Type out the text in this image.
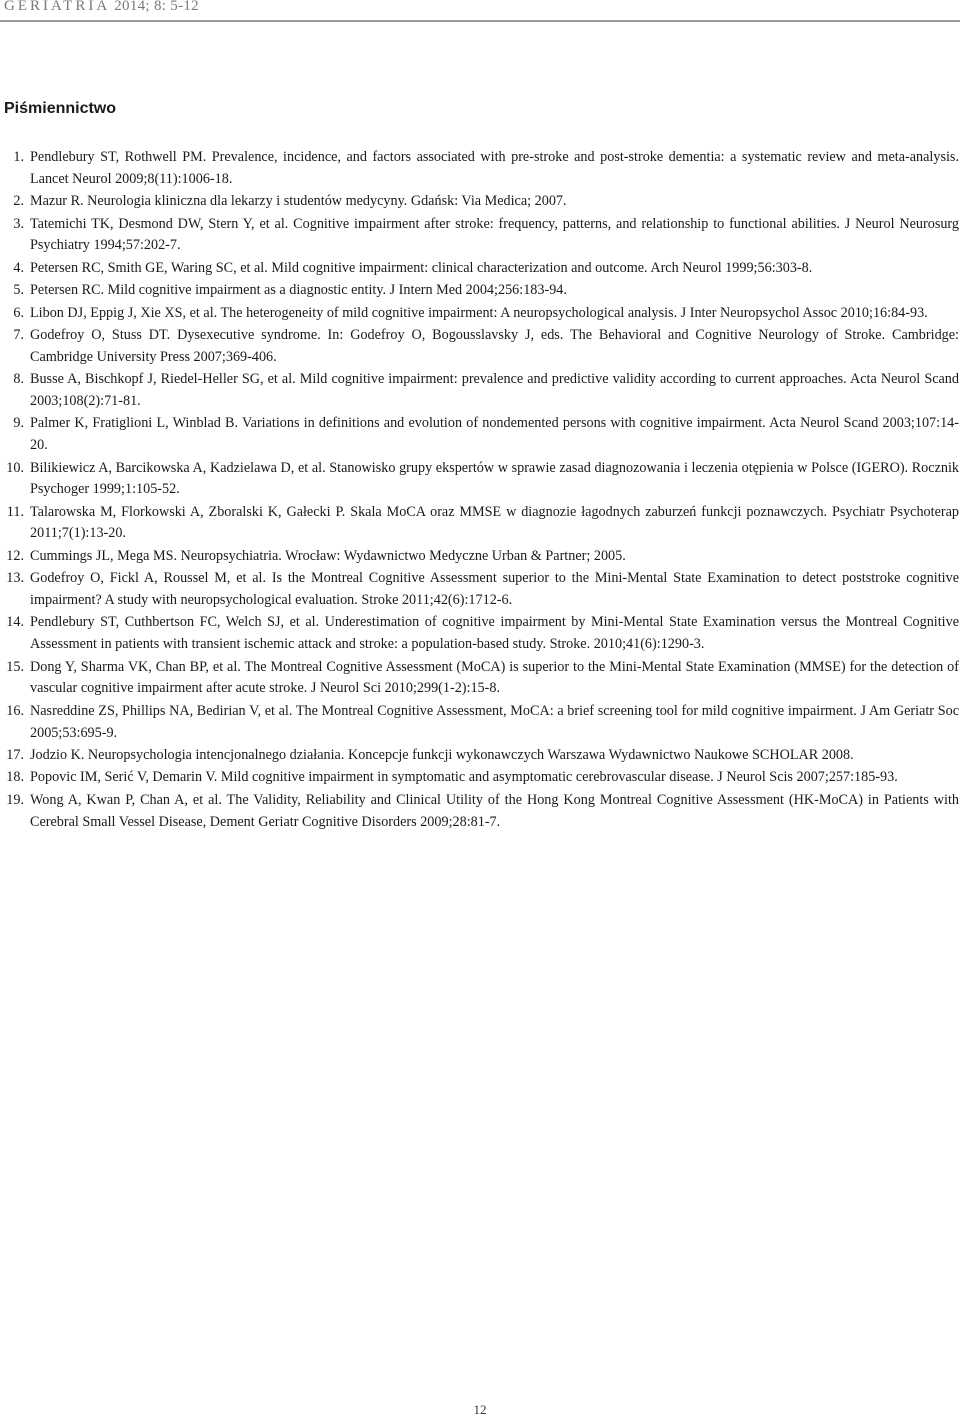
GERIATRIA 2014; 8: 5-12
Piśmiennictwo
1. Pendlebury ST, Rothwell PM. Prevalence, incidence, and factors associated with pre-stroke and post-stroke dementia: a systematic review and meta-analysis. Lancet Neurol 2009;8(11):1006-18.
2. Mazur R. Neurologia kliniczna dla lekarzy i studentów medycyny. Gdańsk: Via Medica; 2007.
3. Tatemichi TK, Desmond DW, Stern Y, et al. Cognitive impairment after stroke: frequency, patterns, and relationship to functional abilities. J Neurol Neurosurg Psychiatry 1994;57:202-7.
4. Petersen RC, Smith GE, Waring SC, et al. Mild cognitive impairment: clinical characterization and outcome. Arch Neurol 1999;56:303-8.
5. Petersen RC. Mild cognitive impairment as a diagnostic entity. J Intern Med 2004;256:183-94.
6. Libon DJ, Eppig J, Xie XS, et al. The heterogeneity of mild cognitive impairment: A neuropsychological analysis. J Inter Neuropsychol Assoc 2010;16:84-93.
7. Godefroy O, Stuss DT. Dysexecutive syndrome. In: Godefroy O, Bogousslavsky J, eds. The Behavioral and Cognitive Neurology of Stroke. Cambridge: Cambridge University Press 2007;369-406.
8. Busse A, Bischkopf J, Riedel-Heller SG, et al. Mild cognitive impairment: prevalence and predictive validity according to current approaches. Acta Neurol Scand 2003;108(2):71-81.
9. Palmer K, Fratiglioni L, Winblad B. Variations in definitions and evolution of nondemented persons with cognitive impairment. Acta Neurol Scand 2003;107:14-20.
10. Bilikiewicz A, Barcikowska A, Kadzielawa D, et al. Stanowisko grupy ekspertów w sprawie zasad diagnozowania i leczenia otępienia w Polsce (IGERO). Rocznik Psychoger 1999;1:105-52.
11. Talarowska M, Florkowski A, Zboralski K, Gałecki P. Skala MoCA oraz MMSE w diagnozie łagodnych zaburzeń funkcji poznawczych. Psychiatr Psychoterap 2011;7(1):13-20.
12. Cummings JL, Mega MS. Neuropsychiatria. Wrocław: Wydawnictwo Medyczne Urban & Partner; 2005.
13. Godefroy O, Fickl A, Roussel M, et al. Is the Montreal Cognitive Assessment superior to the Mini-Mental State Examination to detect poststroke cognitive impairment? A study with neuropsychological evaluation. Stroke 2011;42(6):1712-6.
14. Pendlebury ST, Cuthbertson FC, Welch SJ, et al. Underestimation of cognitive impairment by Mini-Mental State Examination versus the Montreal Cognitive Assessment in patients with transient ischemic attack and stroke: a population-based study. Stroke. 2010;41(6):1290-3.
15. Dong Y, Sharma VK, Chan BP, et al. The Montreal Cognitive Assessment (MoCA) is superior to the Mini-Mental State Examination (MMSE) for the detection of vascular cognitive impairment after acute stroke. J Neurol Sci 2010;299(1-2):15-8.
16. Nasreddine ZS, Phillips NA, Bedirian V, et al. The Montreal Cognitive Assessment, MoCA: a brief screening tool for mild cognitive impairment. J Am Geriatr Soc 2005;53:695-9.
17. Jodzio K. Neuropsychologia intencjonalnego działania. Koncepcje funkcji wykonawczych Warszawa Wydawnictwo Naukowe SCHOLAR 2008.
18. Popovic IM, Serić V, Demarin V. Mild cognitive impairment in symptomatic and asymptomatic cerebrovascular disease. J Neurol Scis 2007;257:185-93.
19. Wong A, Kwan P, Chan A, et al. The Validity, Reliability and Clinical Utility of the Hong Kong Montreal Cognitive Assessment (HK-MoCA) in Patients with Cerebral Small Vessel Disease, Dement Geriatr Cognitive Disorders 2009;28:81-7.
12
